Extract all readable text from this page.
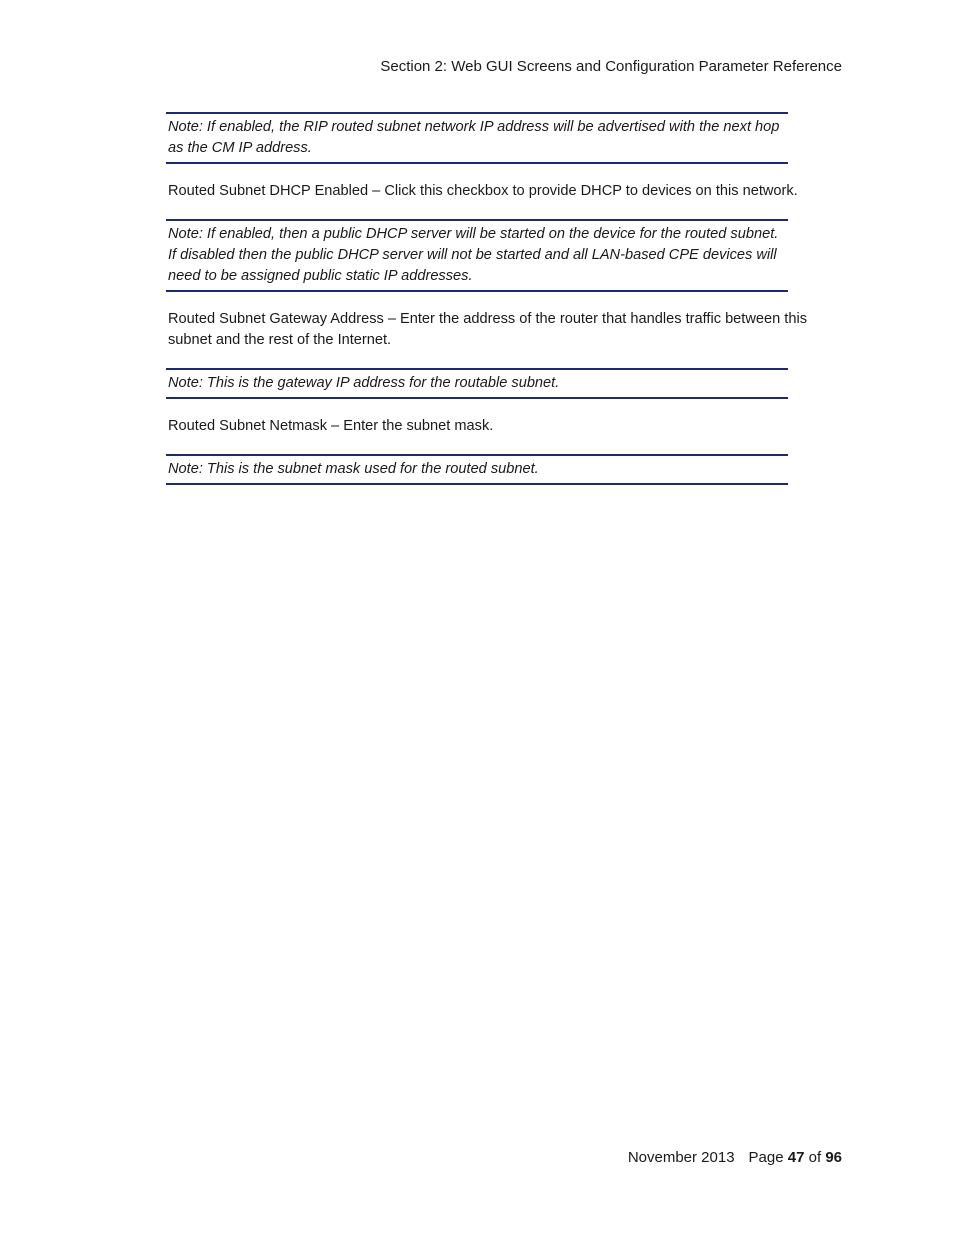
Section 2: Web GUI Screens and Configuration Parameter Reference

Note: If enabled, the RIP routed subnet network IP address will be advertised with the next hop as the CM IP address.

Routed Subnet DHCP Enabled – Click this checkbox to provide DHCP to devices on this network.

Note: If enabled, then a public DHCP server will be started on the device for the routed subnet. If disabled then the public DHCP server will not be started and all LAN-based CPE devices will need to be assigned public static IP addresses.

Routed Subnet Gateway Address – Enter the address of the router that handles traffic between this subnet and the rest of the Internet.

Note: This is the gateway IP address for the routable subnet.

Routed Subnet Netmask – Enter the subnet mask.

Note: This is the subnet mask used for the routed subnet.

November 2013 Page 47 of 96
